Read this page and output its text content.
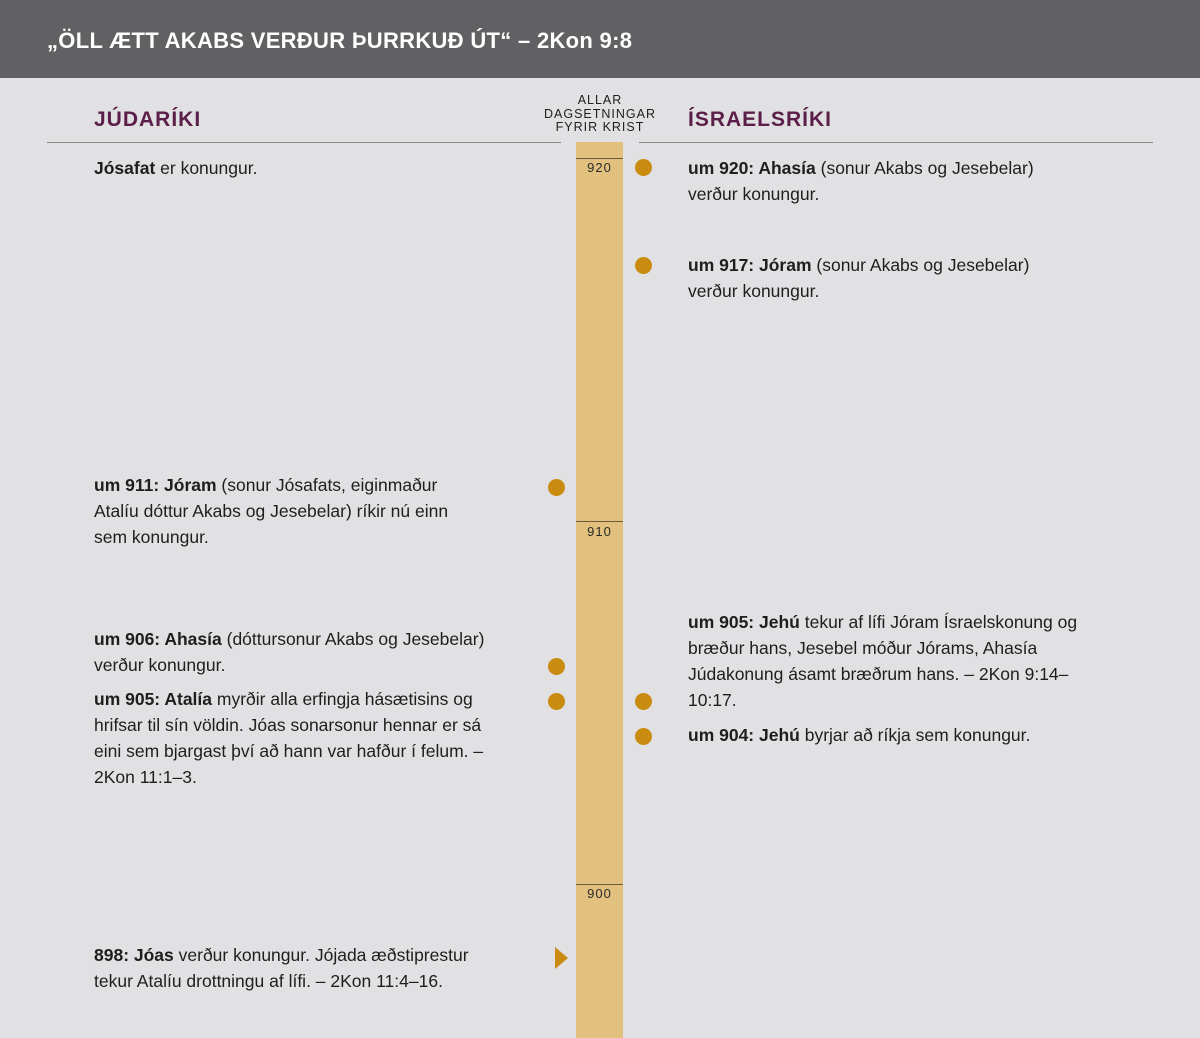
„ÖLL ÆTT AKABS VERÐUR ÞURRKUÐ ÚT“ – 2Kon 9:8
JÚDARÍKI	ÍSRAELSRÍKI
ALLAR
DAGSETNINGAR
FYRIR KRIST
920
910
900
Jósafat er konungur.
um 911: Jóram (sonur Jósafats, eiginmaður Atalíu dóttur Akabs og Jesebelar) ríkir nú einn sem konungur.
um 906: Ahasía (dóttursonur Akabs og Jesebelar) verður konungur.
um 905: Atalía myrðir alla erfingja hásætisins og hrifsar til sín völdin. Jóas sonarsonur hennar er sá eini sem bjargast því að hann var hafður í felum. – 2Kon 11:1–3.
898: Jóas verður konungur. Jójada æðstiprestur tekur Atalíu drottningu af lífi. – 2Kon 11:4–16.
um 920: Ahasía (sonur Akabs og Jesebelar) verður konungur.
um 917: Jóram (sonur Akabs og Jesebelar) verður konungur.
um 905: Jehú tekur af lífi Jóram Ísraelskonung og bræður hans, Jesebel móður Jórams, Ahasía Júdakonung ásamt bræðrum hans. – 2Kon 9:14–10:17.
um 904: Jehú byrjar að ríkja sem konungur.
